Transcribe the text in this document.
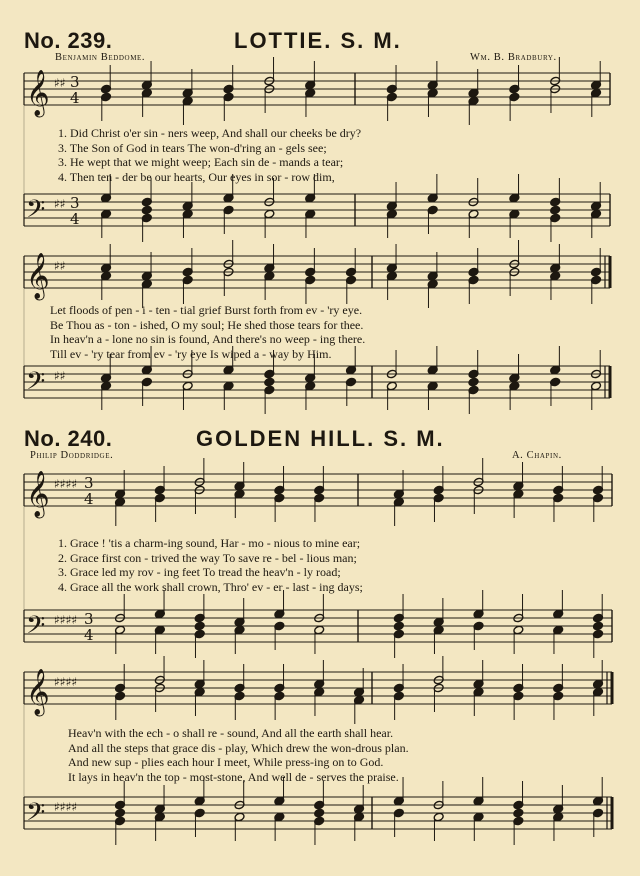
No. 239.	LOTTIE. S. M.
Benjamin Beddome.	Wm. B. Bradbury.
No. 240.	GOLDEN HILL. S. M.
Philip Doddridge.	A. Chapin.
1. Did Christ o'er sin - ners weep, And shall our cheeks be dry?
3. The Son of God in tears The won-d'ring an - gels see;
3. He wept that we might weep; Each sin de - mands a tear;
4. Then ten - der be our hearts, Our eyes in sor - row dim,
Let floods of pen - i - ten - tial grief Burst forth from ev - 'ry eye.
Be Thou as - ton - ished, O my soul; He shed those tears for thee.
In heav'n a - lone no sin is found, And there's no weep - ing there.
Till ev - 'ry tear from ev - 'ry eye Is wiped a - way by Him.
1. Grace ! 'tis a charm-ing sound, Har - mo - nious to mine ear;
2. Grace first con - trived the way To save re - bel - lious man;
3. Grace led my rov - ing feet To tread the heav'n - ly road;
4. Grace all the work shall crown, Thro' ev - er - last - ing days;
Heav'n with the ech - o shall re - sound, And all the earth shall hear.
And all the steps that grace dis - play, Which drew the won-drous plan.
And new sup - plies each hour I meet, While press-ing on to God.
It lays in heav'n the top - most-stone, And well de - serves the praise.
𝄞
𝄢
♯♯
♯♯
3
4
3
4
𝄞
𝄢
♯♯
♯♯
𝄞
𝄢
♯♯♯♯
♯♯♯♯
3
4
3
4
𝄞
𝄢
♯♯♯♯
♯♯♯♯
